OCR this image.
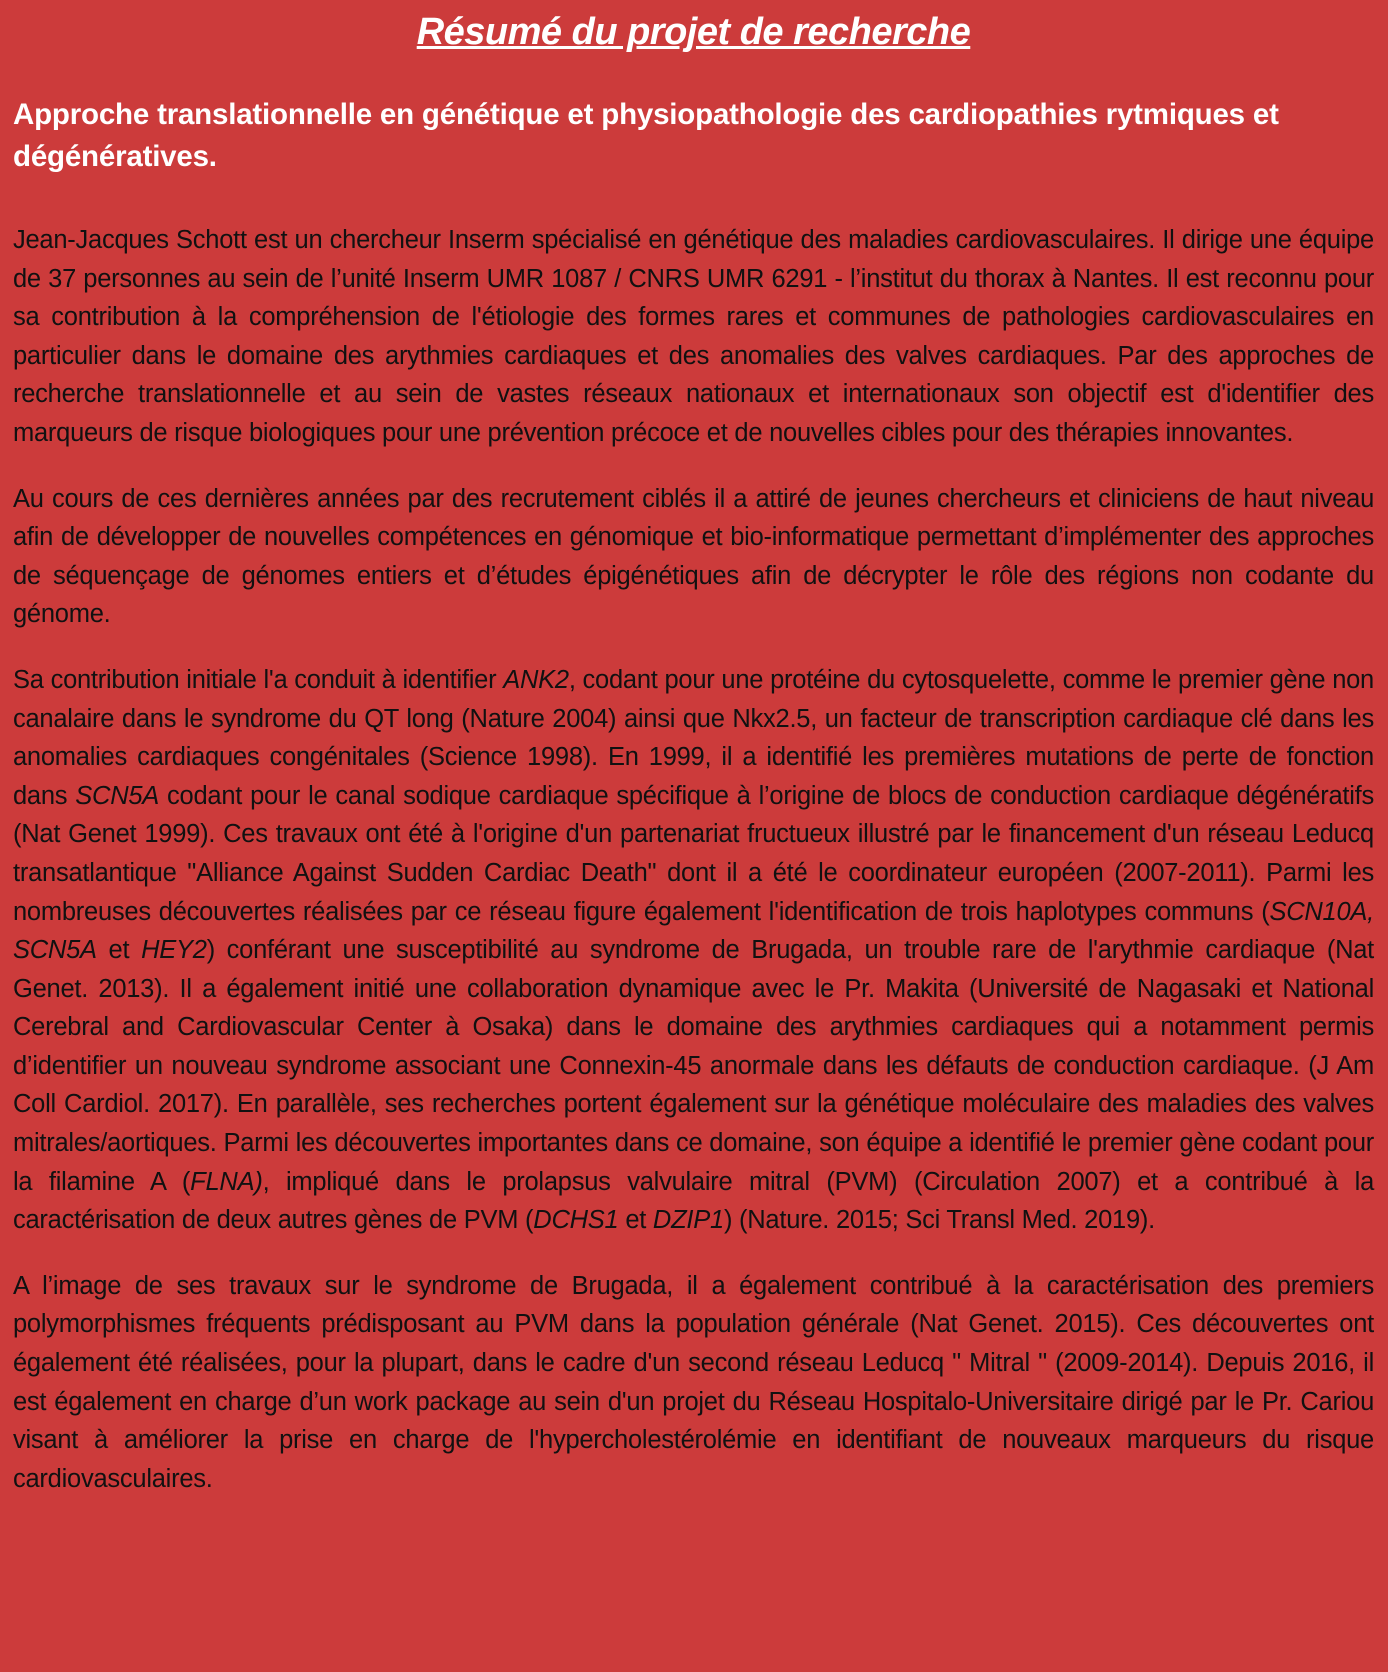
Résumé du projet de recherche
Approche translationnelle en génétique et physiopathologie des cardiopathies rytmiques et dégénératives.

Jean-Jacques Schott est un chercheur Inserm spécialisé en génétique des maladies cardiovasculaires. Il dirige une équipe de 37 personnes au sein de l’unité Inserm UMR 1087 / CNRS UMR 6291 - l’institut du thorax à Nantes. Il est reconnu pour sa contribution à la compréhension de l'étiologie des formes rares et communes de pathologies cardiovasculaires en particulier dans le domaine des arythmies cardiaques et des anomalies des valves cardiaques. Par des approches de recherche translationnelle et au sein de vastes réseaux nationaux et internationaux son objectif est d'identifier des marqueurs de risque biologiques pour une prévention précoce et de nouvelles cibles pour des thérapies innovantes.

Au cours de ces dernières années par des recrutement ciblés il a attiré de jeunes chercheurs et cliniciens de haut niveau afin de développer de nouvelles compétences en génomique et bio-informatique permettant d’implémenter des approches de séquençage de génomes entiers et d’études épigénétiques afin de décrypter le rôle des régions non codante du génome.

Sa contribution initiale l'a conduit à identifier ANK2, codant pour une protéine du cytosquelette, comme le premier gène non canalaire dans le syndrome du QT long (Nature 2004) ainsi que Nkx2.5, un facteur de transcription cardiaque clé dans les anomalies cardiaques congénitales (Science 1998). En 1999, il a identifié les premières mutations de perte de fonction dans SCN5A codant pour le canal sodique cardiaque spécifique à l’origine de blocs de conduction cardiaque dégénératifs (Nat Genet 1999). Ces travaux ont été à l'origine d'un partenariat fructueux illustré par le financement d'un réseau Leducq transatlantique "Alliance Against Sudden Cardiac Death" dont il a été le coordinateur européen (2007-2011). Parmi les nombreuses découvertes réalisées par ce réseau figure également l'identification de trois haplotypes communs (SCN10A, SCN5A et HEY2) conférant une susceptibilité au syndrome de Brugada, un trouble rare de l'arythmie cardiaque (Nat Genet. 2013). Il a également initié une collaboration dynamique avec le Pr. Makita (Université de Nagasaki et National Cerebral and Cardiovascular Center à Osaka) dans le domaine des arythmies cardiaques qui a notamment permis d’identifier un nouveau syndrome associant une Connexin-45 anormale dans les défauts de conduction cardiaque. (J Am Coll Cardiol. 2017). En parallèle, ses recherches portent également sur la génétique moléculaire des maladies des valves mitrales/aortiques. Parmi les découvertes importantes dans ce domaine, son équipe a identifié le premier gène codant pour la filamine A (FLNA), impliqué dans le prolapsus valvulaire mitral (PVM) (Circulation 2007) et a contribué à la caractérisation de deux autres gènes de PVM (DCHS1 et DZIP1) (Nature. 2015; Sci Transl Med. 2019).

A l’image de ses travaux sur le syndrome de Brugada, il a également contribué à la caractérisation des premiers polymorphismes fréquents prédisposant au PVM dans la population générale (Nat Genet. 2015). Ces découvertes ont également été réalisées, pour la plupart, dans le cadre d'un second réseau Leducq " Mitral " (2009-2014). Depuis 2016, il est également en charge d’un work package au sein d'un projet du Réseau Hospitalo-Universitaire dirigé par le Pr. Cariou visant à améliorer la prise en charge de l'hypercholestérolémie en identifiant de nouveaux marqueurs du risque cardiovasculaires.
